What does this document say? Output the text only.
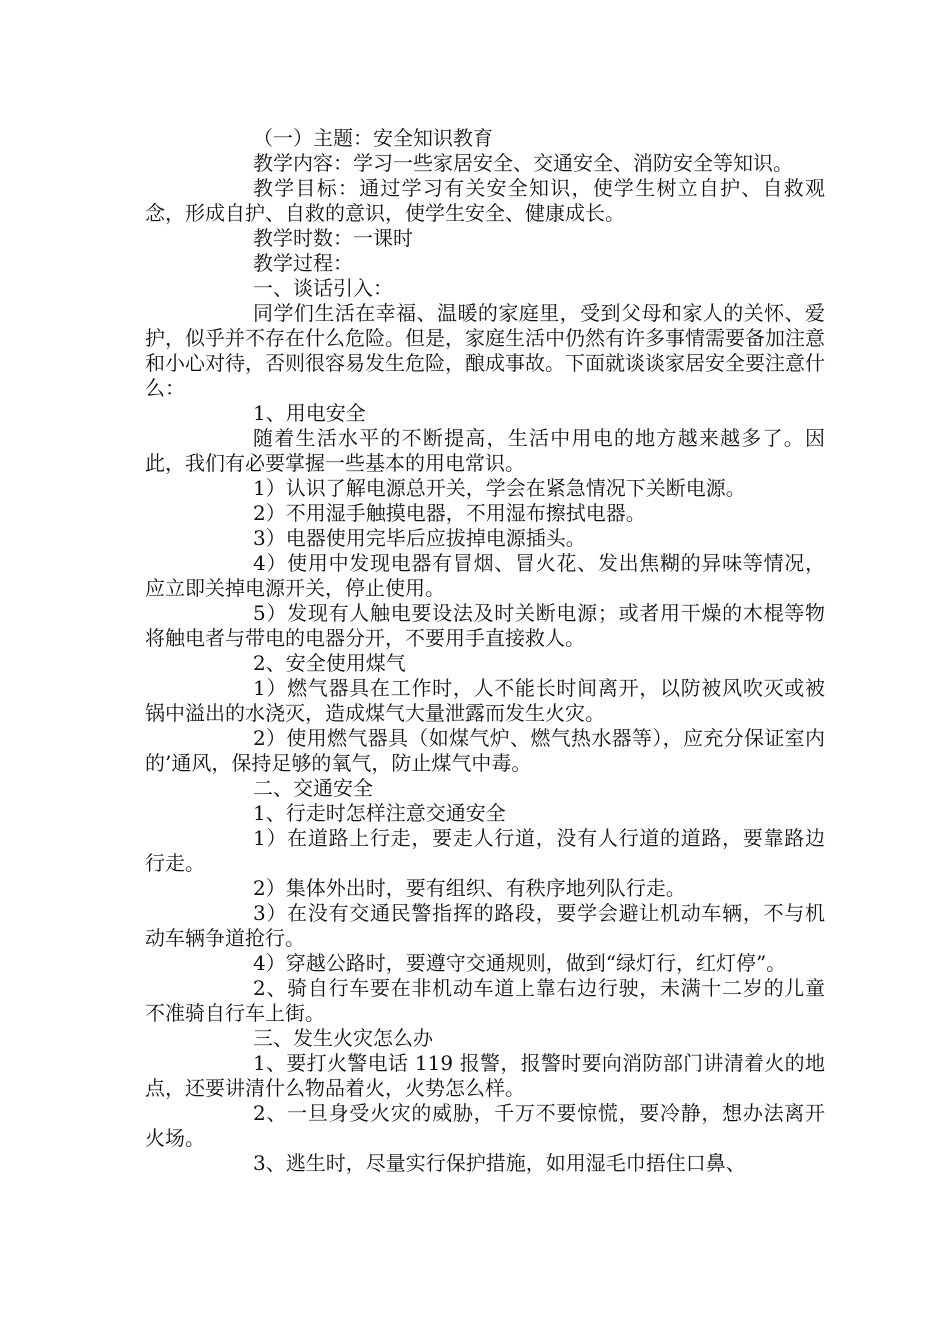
（一）主题：安全知识教育

教学内容：学习一些家居安全、交通安全、消防安全等知识。

教学目标：通过学习有关安全知识，使学生树立自护、自救观念，形成自护、自救的意识，使学生安全、健康成长。

教学时数：一课时

教学过程：

一、谈话引入：

同学们生活在幸福、温暖的家庭里，受到父母和家人的关怀、爱护，似乎并不存在什么危险。但是，家庭生活中仍然有许多事情需要备加注意和小心对待，否则很容易发生危险，酿成事故。下面就谈谈家居安全要注意什么：

1、用电安全

随着生活水平的不断提高，生活中用电的地方越来越多了。因此，我们有必要掌握一些基本的用电常识。

1）认识了解电源总开关，学会在紧急情况下关断电源。

2）不用湿手触摸电器，不用湿布擦拭电器。

3）电器使用完毕后应拔掉电源插头。

4）使用中发现电器有冒烟、冒火花、发出焦糊的异味等情况，应立即关掉电源开关，停止使用。

5）发现有人触电要设法及时关断电源；或者用干燥的木棍等物将触电者与带电的电器分开，不要用手直接救人。

2、安全使用煤气

1）燃气器具在工作时，人不能长时间离开，以防被风吹灭或被锅中溢出的水浇灭，造成煤气大量泄露而发生火灾。

2）使用燃气器具（如煤气炉、燃气热水器等），应充分保证室内的’通风，保持足够的氧气，防止煤气中毒。

二、交通安全

1、行走时怎样注意交通安全

1）在道路上行走，要走人行道，没有人行道的道路，要靠路边行走。

2）集体外出时，要有组织、有秩序地列队行走。

3）在没有交通民警指挥的路段，要学会避让机动车辆，不与机动车辆争道抢行。

4）穿越公路时，要遵守交通规则，做到“绿灯行，红灯停”。

2、骑自行车要在非机动车道上靠右边行驶，未满十二岁的儿童不准骑自行车上街。

三、发生火灾怎么办

1、要打火警电话 119 报警，报警时要向消防部门讲清着火的地点，还要讲清什么物品着火，火势怎么样。

2、一旦身受火灾的威胁，千万不要惊慌，要冷静，想办法离开火场。

3、逃生时，尽量实行保护措施，如用湿毛巾捂住口鼻、
